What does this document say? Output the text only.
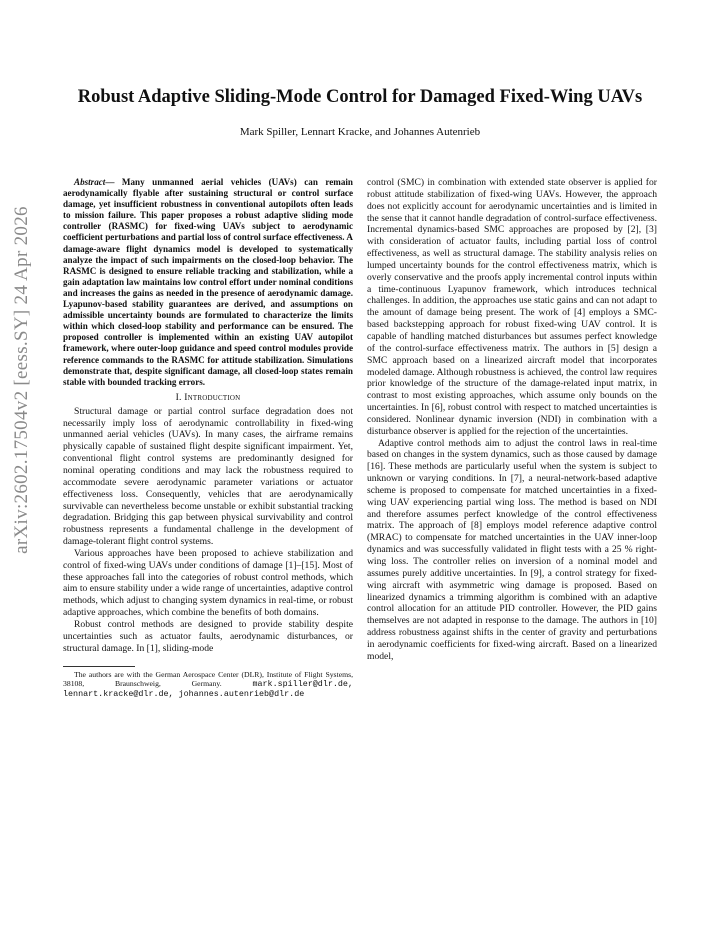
arXiv:2602.17504v2 [eess.SY] 24 Apr 2026
Robust Adaptive Sliding-Mode Control for Damaged Fixed-Wing UAVs
Mark Spiller, Lennart Kracke, and Johannes Autenrieb

Abstract— Many unmanned aerial vehicles (UAVs) can remain aerodynamically flyable after sustaining structural or control surface damage, yet insufficient robustness in conventional autopilots often leads to mission failure. This paper proposes a robust adaptive sliding mode controller (RASMC) for fixed-wing UAVs subject to aerodynamic coefficient perturbations and partial loss of control surface effectiveness. A damage-aware flight dynamics model is developed to systematically analyze the impact of such impairments on the closed-loop behavior. The RASMC is designed to ensure reliable tracking and stabilization, while a gain adaptation law maintains low control effort under nominal conditions and increases the gains as needed in the presence of aerodynamic damage. Lyapunov-based stability guarantees are derived, and assumptions on admissible uncertainty bounds are formulated to characterize the limits within which closed-loop stability and performance can be ensured. The proposed controller is implemented within an existing UAV autopilot framework, where outer-loop guidance and speed control modules provide reference commands to the RASMC for attitude stabilization. Simulations demonstrate that, despite significant damage, all closed-loop states remain stable with bounded tracking errors.

I. Introduction

Structural damage or partial control surface degradation does not necessarily imply loss of aerodynamic controllability in fixed-wing unmanned aerial vehicles (UAVs). In many cases, the airframe remains physically capable of sustained flight despite significant impairment. Yet, conventional flight control systems are predominantly designed for nominal operating conditions and may lack the robustness required to accommodate severe aerodynamic parameter variations or actuator effectiveness loss. Consequently, vehicles that are aerodynamically survivable can nevertheless become unstable or exhibit substantial tracking degradation. Bridging this gap between physical survivability and control robustness represents a fundamental challenge in the development of damage-tolerant flight control systems.

Various approaches have been proposed to achieve stabilization and control of fixed-wing UAVs under conditions of damage [1]–[15]. Most of these approaches fall into the categories of robust control methods, which aim to ensure stability under a wide range of uncertainties, adaptive control methods, which adjust to changing system dynamics in real-time, or robust adaptive approaches, which combine the benefits of both domains.

Robust control methods are designed to provide stability despite uncertainties such as actuator faults, aerodynamic disturbances, or structural damage. In [1], sliding-mode

The authors are with the German Aerospace Center (DLR), Institute of Flight Systems, 38108, Braunschweig, Germany.	mark.spiller@dlr.de, lennart.kracke@dlr.de, johannes.autenrieb@dlr.de

control (SMC) in combination with extended state observer is applied for robust attitude stabilization of fixed-wing UAVs. However, the approach does not explicitly account for aerodynamic uncertainties and is limited in the sense that it cannot handle degradation of control-surface effectiveness. Incremental dynamics-based SMC approaches are proposed by [2], [3] with consideration of actuator faults, including partial loss of control effectiveness, as well as structural damage. The stability analysis relies on lumped uncertainty bounds for the control effectiveness matrix, which is overly conservative and the proofs apply incremental control inputs within a time-continuous Lyapunov framework, which introduces technical challenges. In addition, the approaches use static gains and can not adapt to the amount of damage being present. The work of [4] employs a SMC-based backstepping approach for robust fixed-wing UAV control. It is capable of handling matched disturbances but assumes perfect knowledge of the control-surface effectiveness matrix. The authors in [5] design a SMC approach based on a linearized aircraft model that incorporates modeled damage. Although robustness is achieved, the control law requires prior knowledge of the structure of the damage-related input matrix, in contrast to most existing approaches, which assume only bounds on the uncertainties. In [6], robust control with respect to matched uncertainties is considered. Nonlinear dynamic inversion (NDI) in combination with a disturbance observer is applied for the rejection of the uncertainties.

Adaptive control methods aim to adjust the control laws in real-time based on changes in the system dynamics, such as those caused by damage [16]. These methods are particularly useful when the system is subject to unknown or varying conditions. In [7], a neural-network-based adaptive scheme is proposed to compensate for matched uncertainties in a fixed-wing UAV experiencing partial wing loss. The method is based on NDI and therefore assumes perfect knowledge of the control effectiveness matrix. The approach of [8] employs model reference adaptive control (MRAC) to compensate for matched uncertainties in the UAV inner-loop dynamics and was successfully validated in flight tests with a 25 % right-wing loss. The controller relies on inversion of a nominal model and assumes purely additive uncertainties. In [9], a control strategy for fixed-wing aircraft with asymmetric wing damage is proposed. Based on linearized dynamics a trimming algorithm is combined with an adaptive control allocation for an attitude PID controller. However, the PID gains themselves are not adapted in response to the damage. The authors in [10] address robustness against shifts in the center of gravity and perturbations in aerodynamic coefficients for fixed-wing aircraft. Based on a linearized model,
